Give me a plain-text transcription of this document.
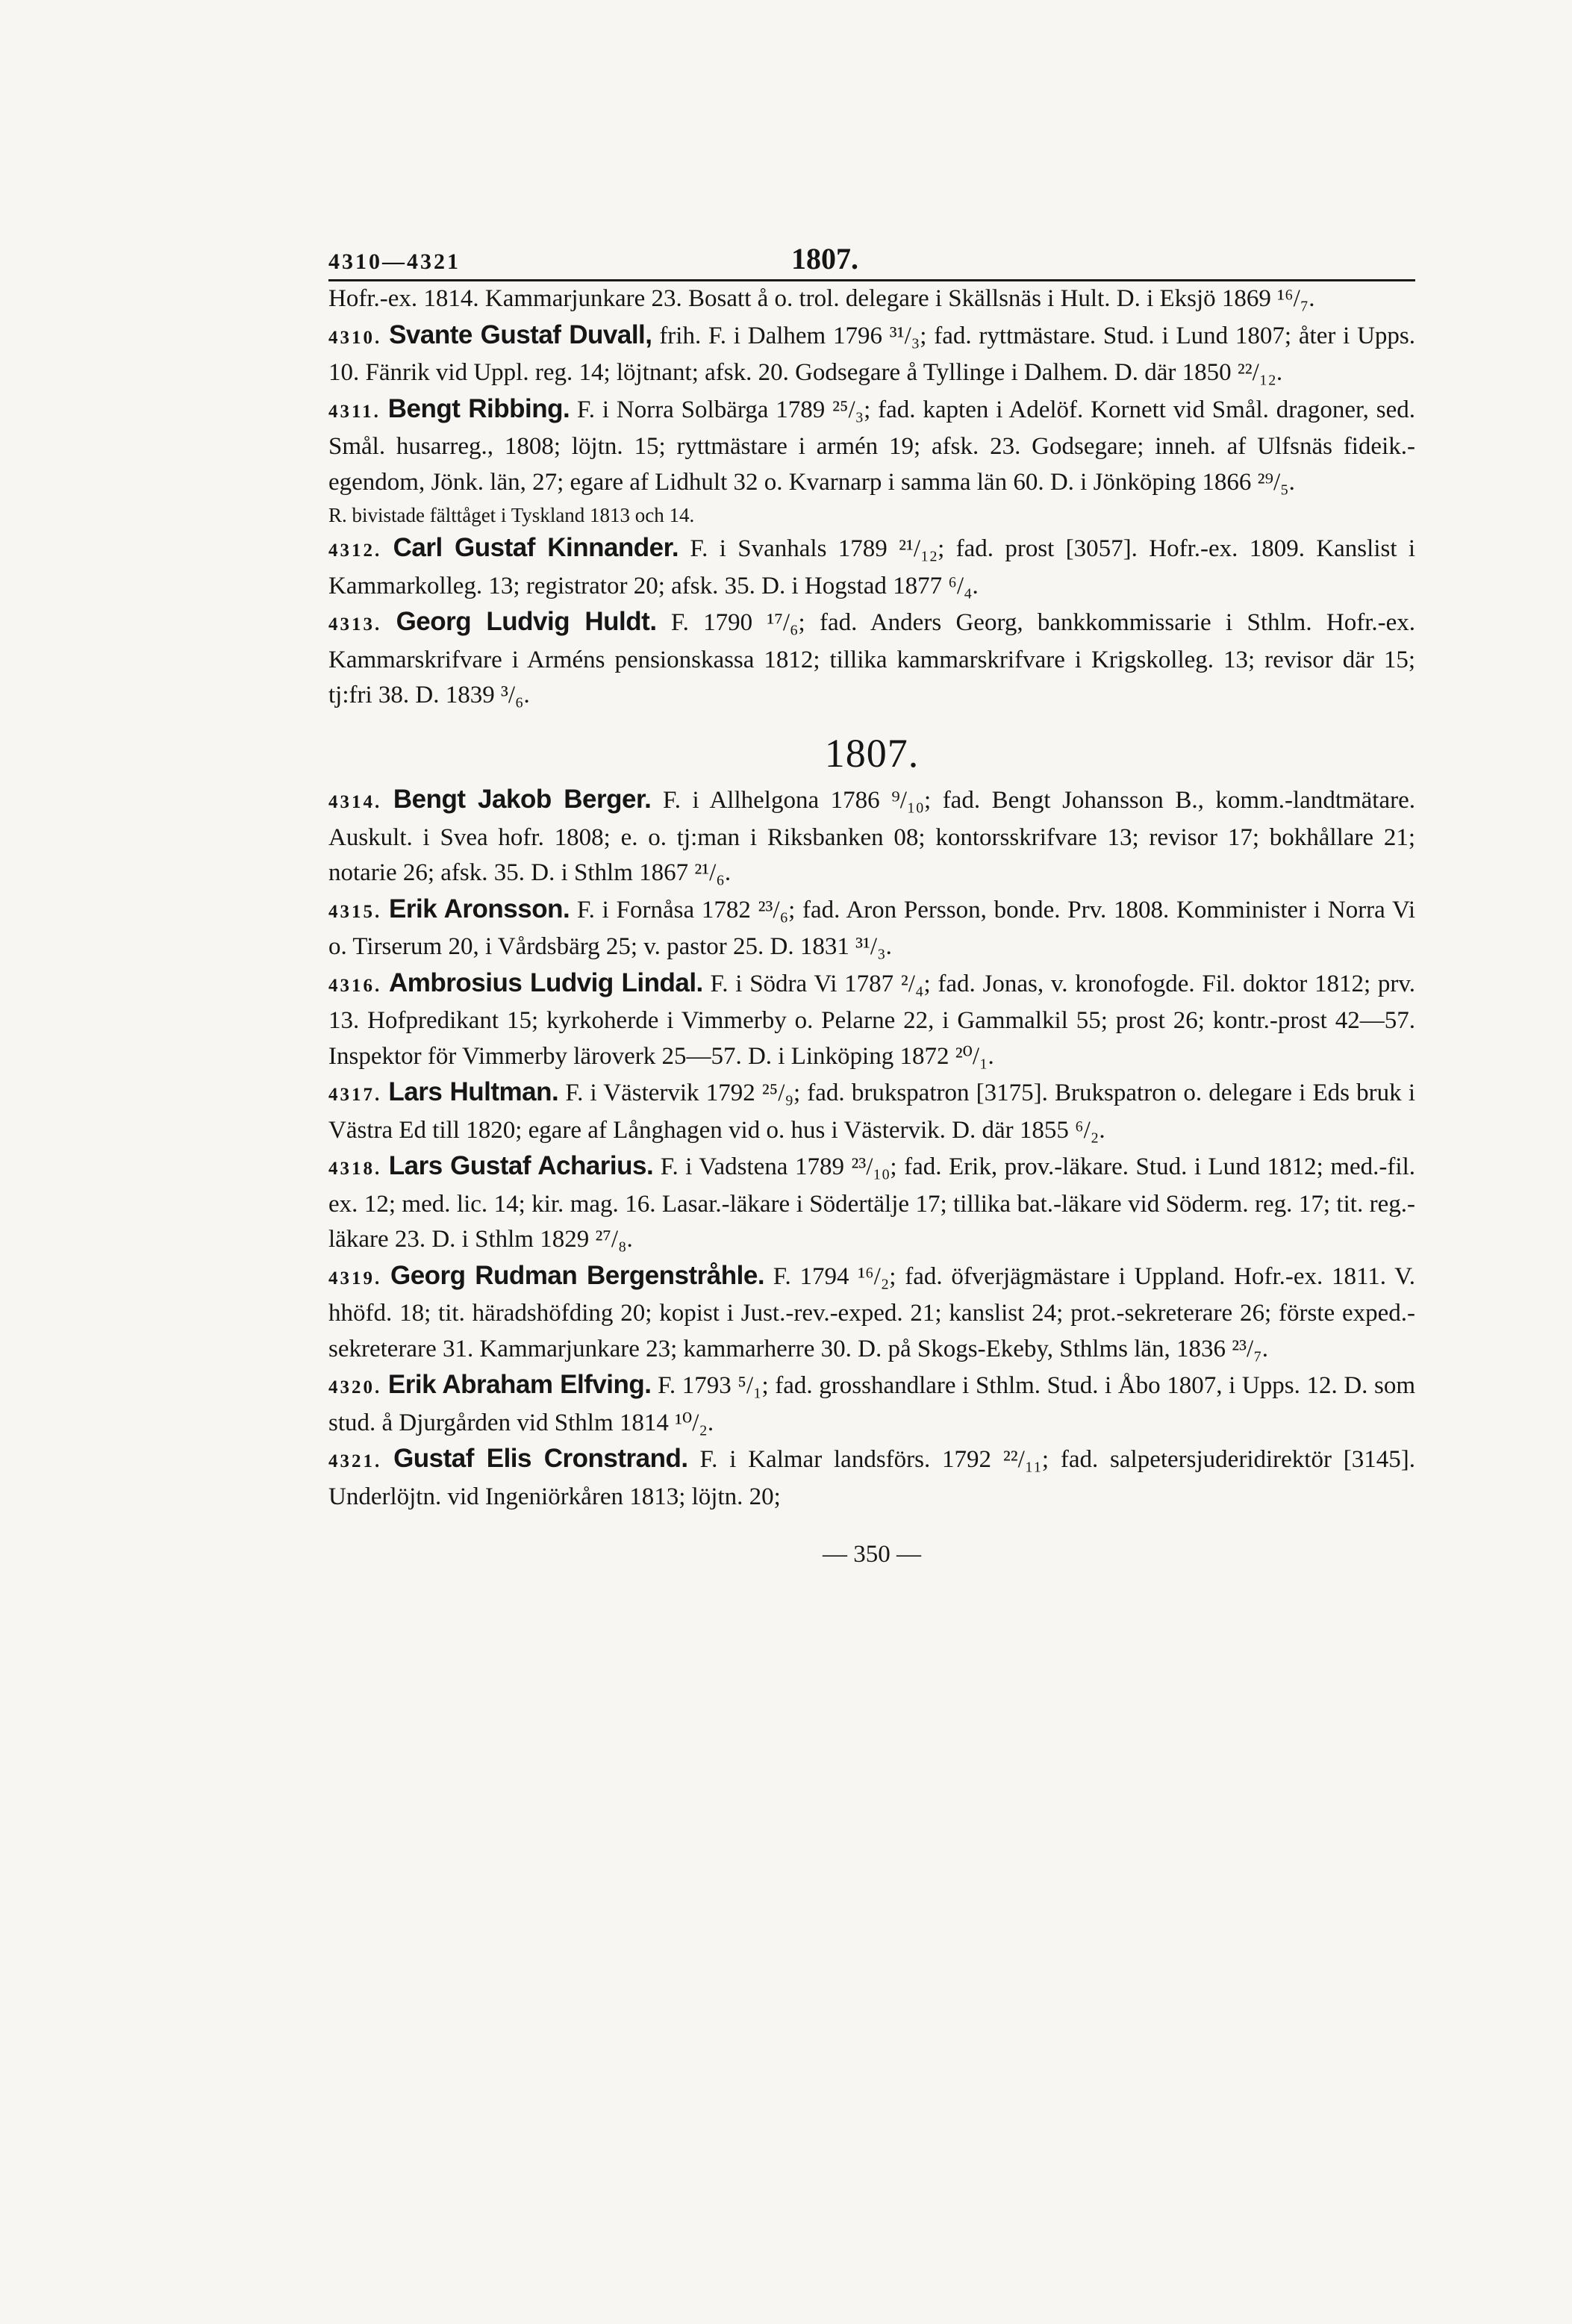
4310—4321	1807.

Hofr.-ex. 1814. Kammarjunkare 23. Bosatt å o. trol. delegare i Skällsnäs i Hult. D. i Eksjö 1869 ¹⁶/₇.

4310. Svante Gustaf Duvall, frih. F. i Dalhem 1796 ³¹/₃; fad. ryttmästare. Stud. i Lund 1807; åter i Upps. 10. Fänrik vid Uppl. reg. 14; löjtnant; afsk. 20. Godsegare å Tyllinge i Dalhem. D. där 1850 ²²/₁₂.

4311. Bengt Ribbing. F. i Norra Solbärga 1789 ²⁵/₃; fad. kapten i Adelöf. Kornett vid Smål. dragoner, sed. Smål. husarreg., 1808; löjtn. 15; ryttmästare i armén 19; afsk. 23. Godsegare; inneh. af Ulfsnäs fideik.-egendom, Jönk. län, 27; egare af Lidhult 32 o. Kvarnarp i samma län 60. D. i Jönköping 1866 ²⁹/₅.

R. bivistade fälttåget i Tyskland 1813 och 14.

4312. Carl Gustaf Kinnander. F. i Svanhals 1789 ²¹/₁₂; fad. prost [3057]. Hofr.-ex. 1809. Kanslist i Kammarkolleg. 13; registrator 20; afsk. 35. D. i Hogstad 1877 ⁶/₄.

4313. Georg Ludvig Huldt. F. 1790 ¹⁷/₆; fad. Anders Georg, bankkommissarie i Sthlm. Hofr.-ex. Kammarskrifvare i Arméns pensionskassa 1812; tillika kammarskrifvare i Krigskolleg. 13; revisor där 15; tj:fri 38. D. 1839 ³/₆.

1807.

4314. Bengt Jakob Berger. F. i Allhelgona 1786 ⁹/₁₀; fad. Bengt Johansson B., komm.-landtmätare. Auskult. i Svea hofr. 1808; e. o. tj:man i Riksbanken 08; kontorsskrifvare 13; revisor 17; bokhållare 21; notarie 26; afsk. 35. D. i Sthlm 1867 ²¹/₆.

4315. Erik Aronsson. F. i Fornåsa 1782 ²³/₆; fad. Aron Persson, bonde. Prv. 1808. Komminister i Norra Vi o. Tirserum 20, i Vårdsbärg 25; v. pastor 25. D. 1831 ³¹/₃.

4316. Ambrosius Ludvig Lindal. F. i Södra Vi 1787 ²/₄; fad. Jonas, v. kronofogde. Fil. doktor 1812; prv. 13. Hofpredikant 15; kyrkoherde i Vimmerby o. Pelarne 22, i Gammalkil 55; prost 26; kontr.-prost 42—57. Inspektor för Vimmerby läroverk 25—57. D. i Linköping 1872 ²⁰/₁.

4317. Lars Hultman. F. i Västervik 1792 ²⁵/₉; fad. brukspatron [3175]. Brukspatron o. delegare i Eds bruk i Västra Ed till 1820; egare af Långhagen vid o. hus i Västervik. D. där 1855 ⁶/₂.

4318. Lars Gustaf Acharius. F. i Vadstena 1789 ²³/₁₀; fad. Erik, prov.-läkare. Stud. i Lund 1812; med.-fil. ex. 12; med. lic. 14; kir. mag. 16. Lasar.-läkare i Södertälje 17; tillika bat.-läkare vid Söderm. reg. 17; tit. reg.-läkare 23. D. i Sthlm 1829 ²⁷/₈.

4319. Georg Rudman Bergenstråhle. F. 1794 ¹⁶/₂; fad. öfverjägmästare i Uppland. Hofr.-ex. 1811. V. hhöfd. 18; tit. häradshöfding 20; kopist i Just.-rev.-exped. 21; kanslist 24; prot.-sekreterare 26; förste exped.-sekreterare 31. Kammarjunkare 23; kammarherre 30. D. på Skogs-Ekeby, Sthlms län, 1836 ²³/₇.

4320. Erik Abraham Elfving. F. 1793 ⁵/₁; fad. grosshandlare i Sthlm. Stud. i Åbo 1807, i Upps. 12. D. som stud. å Djurgården vid Sthlm 1814 ¹⁰/₂.

4321. Gustaf Elis Cronstrand. F. i Kalmar landsförs. 1792 ²²/₁₁; fad. salpetersjuderidirektör [3145]. Underlöjtn. vid Ingeniörkåren 1813; löjtn. 20;

— 350 —
